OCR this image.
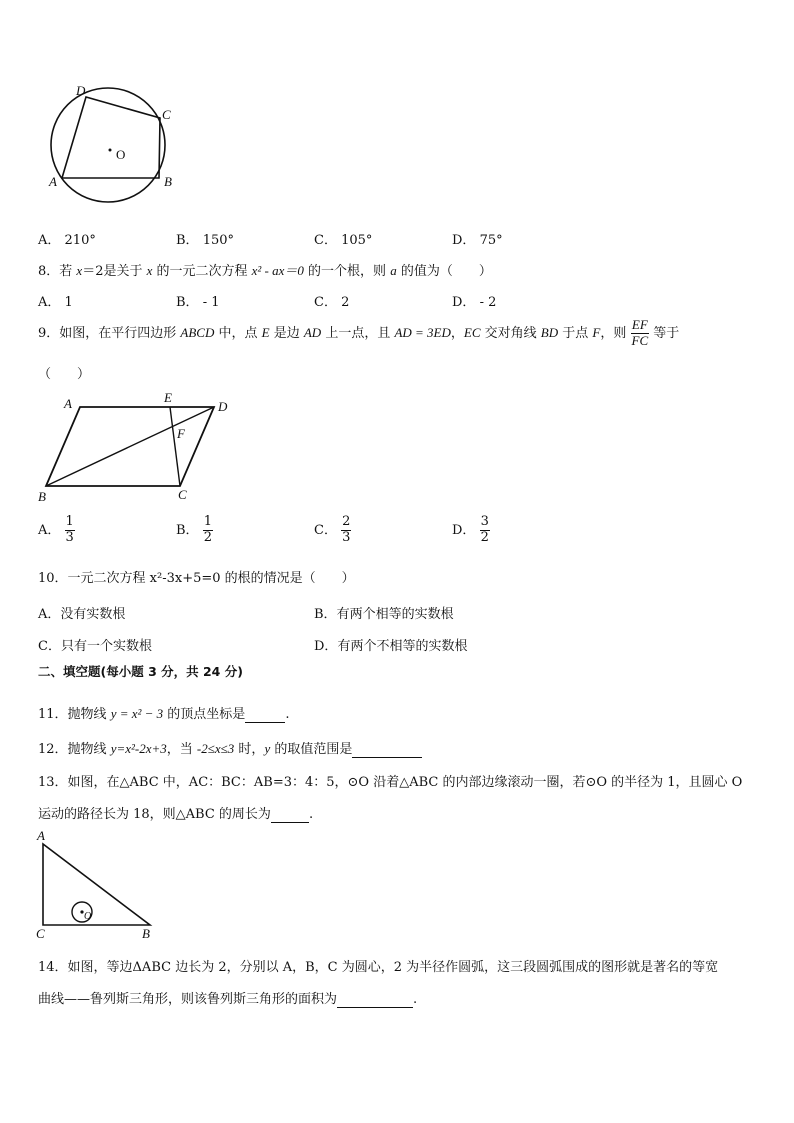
D
C
O
A	B
A． 210°	B． 150°	C． 105°	D． 75°
8．若 x＝2是关于 x 的一元二次方程 x² - ax＝0 的一个根，则 a 的值为（　　）
A． 1	B． - 1	C． 2	D． - 2
9．如图，在平行四边形 ABCD 中，点 E 是边 AD 上一点，且 AD = 3ED，EC 交对角线 BD 于点 F，则 $\frac{EF}{FC}$ 等于
（　　）
A	E
D
F
B	C
A． $\frac{1}{3}$	B． $\frac{1}{2}$	C． $\frac{2}{3}$	D． $\frac{3}{2}$
10．一元二次方程 x²-3x+5=0 的根的情况是（　　）
A．没有实数根	B．有两个相等的实数根
C．只有一个实数根	D．有两个不相等的实数根
二、填空题(每小题 3 分，共 24 分)
11．抛物线 y = x² − 3 的顶点坐标是	.
12．抛物线 y=x²-2x+3，当 -2≤x≤3 时，y 的取值范围是
13．如图，在△ABC 中，AC：BC：AB=3：4：5，⊙O 沿着△ABC 的内部边缘滚动一圈，若⊙O 的半径为 1，且圆心 O
运动的路径长为 18，则△ABC 的周长为	.
A
O
C	B
14．如图，等边ΔABC 边长为 2，分别以 A，B，C 为圆心，2 为半径作圆弧，这三段圆弧围成的图形就是著名的等宽
曲线——鲁列斯三角形，则该鲁列斯三角形的面积为	.
